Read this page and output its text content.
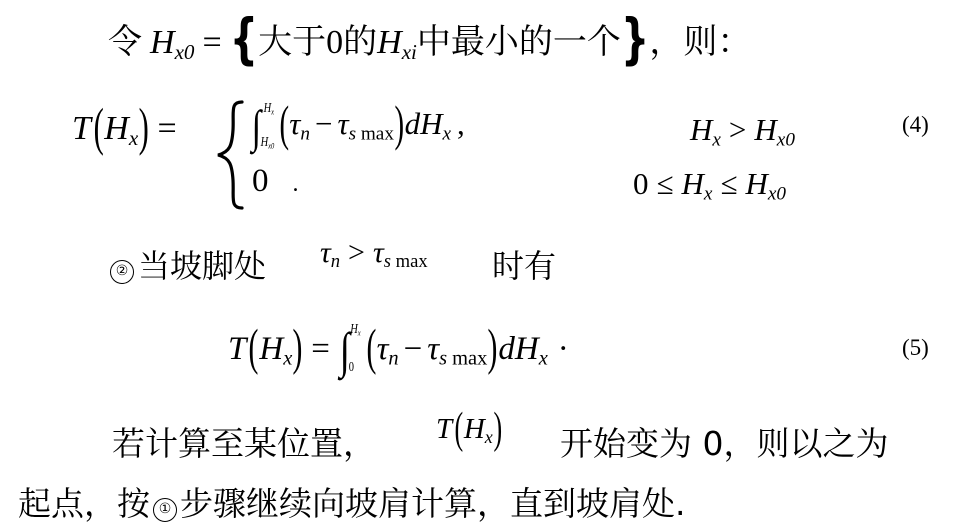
令 $H_{x0}$ = {大于0的$H_{xi}$中最小的一个}，则：
$T(H_x)$ = ∫ $H_x$
$H_{x0}$ $(\tau_n - \tau_{s max})dH_x$ ,	$H_x > H_{x0}$
0 .	$0 \le H_x \le H_{x0}$
(4)
② 当坡脚处 $\tau_n > \tau_{s max}$ 时有
$T(H_x)$ = ∫ $H_x$
0 $(\tau_n - \tau_{s max})dH_x$ ·	(5)
若计算至某位置， $T(H_x)$ 开始变为 0，则以之为
起点，按 ① 步骤继续向坡肩计算，直到坡肩处.
